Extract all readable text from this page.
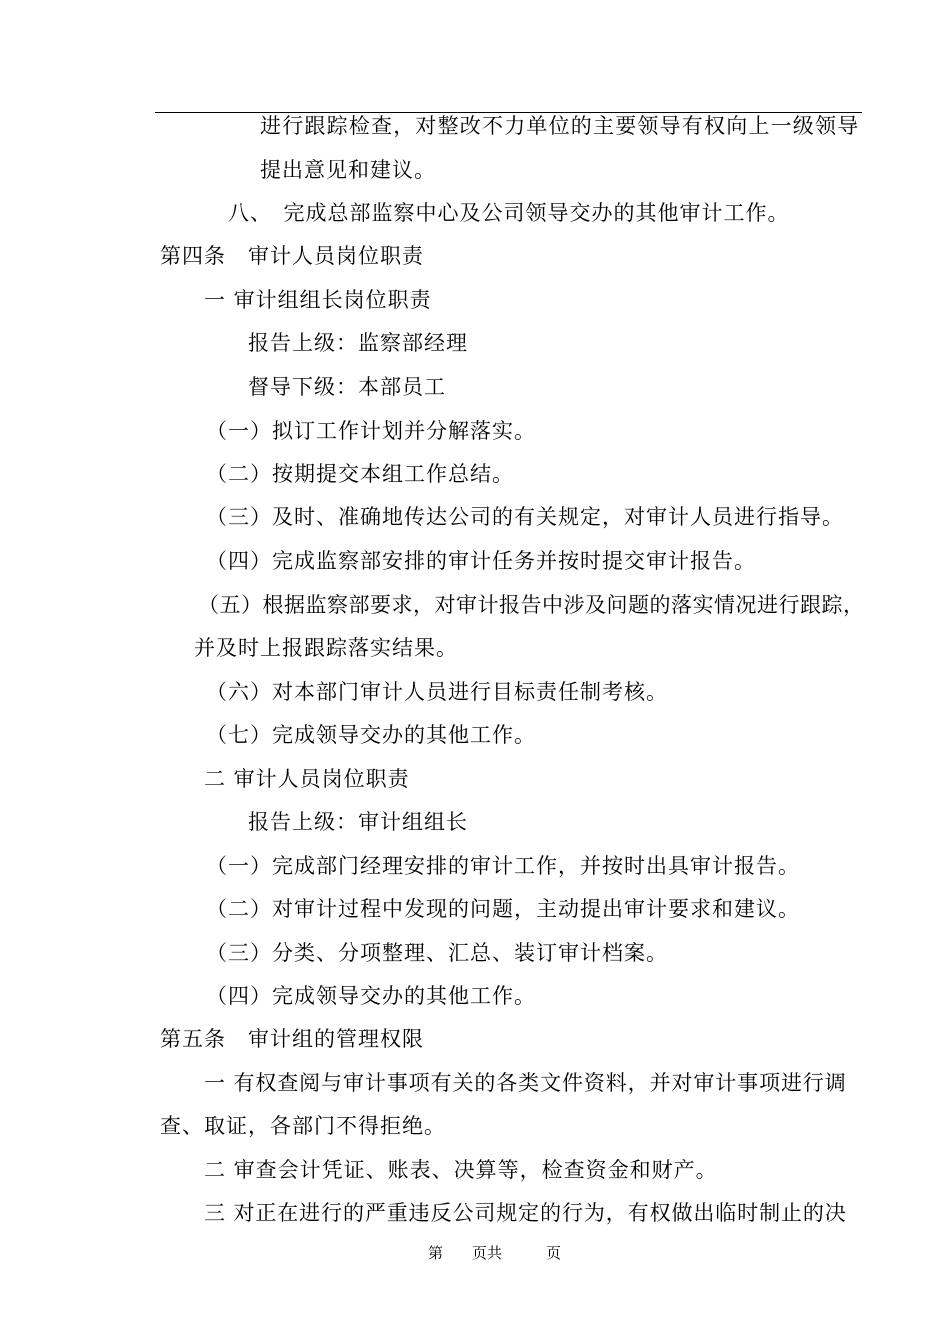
进行跟踪检查，对整改不力单位的主要领导有权向上一级领导
提出意见和建议。
八、　完成总部监察中心及公司领导交办的其他审计工作。
第四条　审计人员岗位职责
一 审计组组长岗位职责
报告上级：监察部经理
督导下级：本部员工
（一）拟订工作计划并分解落实。
（二）按期提交本组工作总结。
（三）及时、准确地传达公司的有关规定，对审计人员进行指导。
（四）完成监察部安排的审计任务并按时提交审计报告。
（五）根据监察部要求，对审计报告中涉及问题的落实情况进行跟踪，
并及时上报跟踪落实结果。
（六）对本部门审计人员进行目标责任制考核。
（七）完成领导交办的其他工作。
二 审计人员岗位职责
报告上级：审计组组长
（一）完成部门经理安排的审计工作，并按时出具审计报告。
（二）对审计过程中发现的问题，主动提出审计要求和建议。
（三）分类、分项整理、汇总、装订审计档案。
（四）完成领导交办的其他工作。
第五条　审计组的管理权限
一 有权查阅与审计事项有关的各类文件资料，并对审计事项进行调
查、取证，各部门不得拒绝。
二 审查会计凭证、账表、决算等，检查资金和财产。
三 对正在进行的严重违反公司规定的行为，有权做出临时制止的决
第 页共	页
